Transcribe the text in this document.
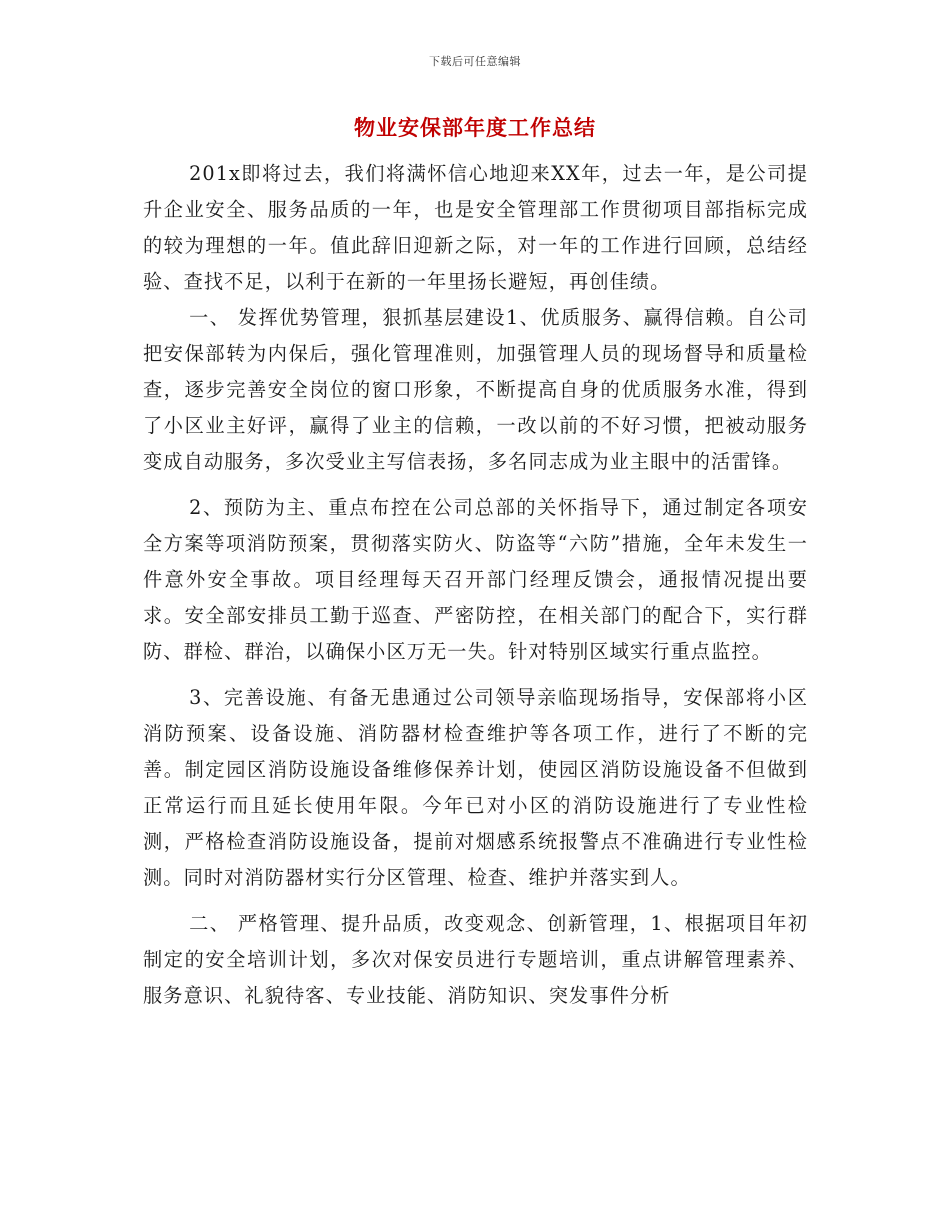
下载后可任意编辑
物业安保部年度工作总结

201x即将过去，我们将满怀信心地迎来XX年，过去一年，是公司提升企业安全、服务品质的一年，也是安全管理部工作贯彻项目部指标完成的较为理想的一年。值此辞旧迎新之际，对一年的工作进行回顾，总结经验、查找不足，以利于在新的一年里扬长避短，再创佳绩。

一、 发挥优势管理，狠抓基层建设1、优质服务、赢得信赖。自公司把安保部转为内保后，强化管理准则，加强管理人员的现场督导和质量检查，逐步完善安全岗位的窗口形象，不断提高自身的优质服务水准，得到了小区业主好评，赢得了业主的信赖，一改以前的不好习惯，把被动服务变成自动服务，多次受业主写信表扬，多名同志成为业主眼中的活雷锋。

2、预防为主、重点布控在公司总部的关怀指导下，通过制定各项安全方案等项消防预案，贯彻落实防火、防盗等“六防”措施，全年未发生一件意外安全事故。项目经理每天召开部门经理反馈会，通报情况提出要求。安全部安排员工勤于巡查、严密防控，在相关部门的配合下，实行群防、群检、群治，以确保小区万无一失。针对特别区域实行重点监控。

3、完善设施、有备无患通过公司领导亲临现场指导，安保部将小区消防预案、设备设施、消防器材检查维护等各项工作，进行了不断的完善。制定园区消防设施设备维修保养计划，使园区消防设施设备不但做到正常运行而且延长使用年限。今年已对小区的消防设施进行了专业性检测，严格检查消防设施设备，提前对烟感系统报警点不准确进行专业性检测。同时对消防器材实行分区管理、检查、维护并落实到人。

二、 严格管理、提升品质，改变观念、创新管理，1、根据项目年初制定的安全培训计划，多次对保安员进行专题培训，重点讲解管理素养、服务意识、礼貌待客、专业技能、消防知识、突发事件分析
